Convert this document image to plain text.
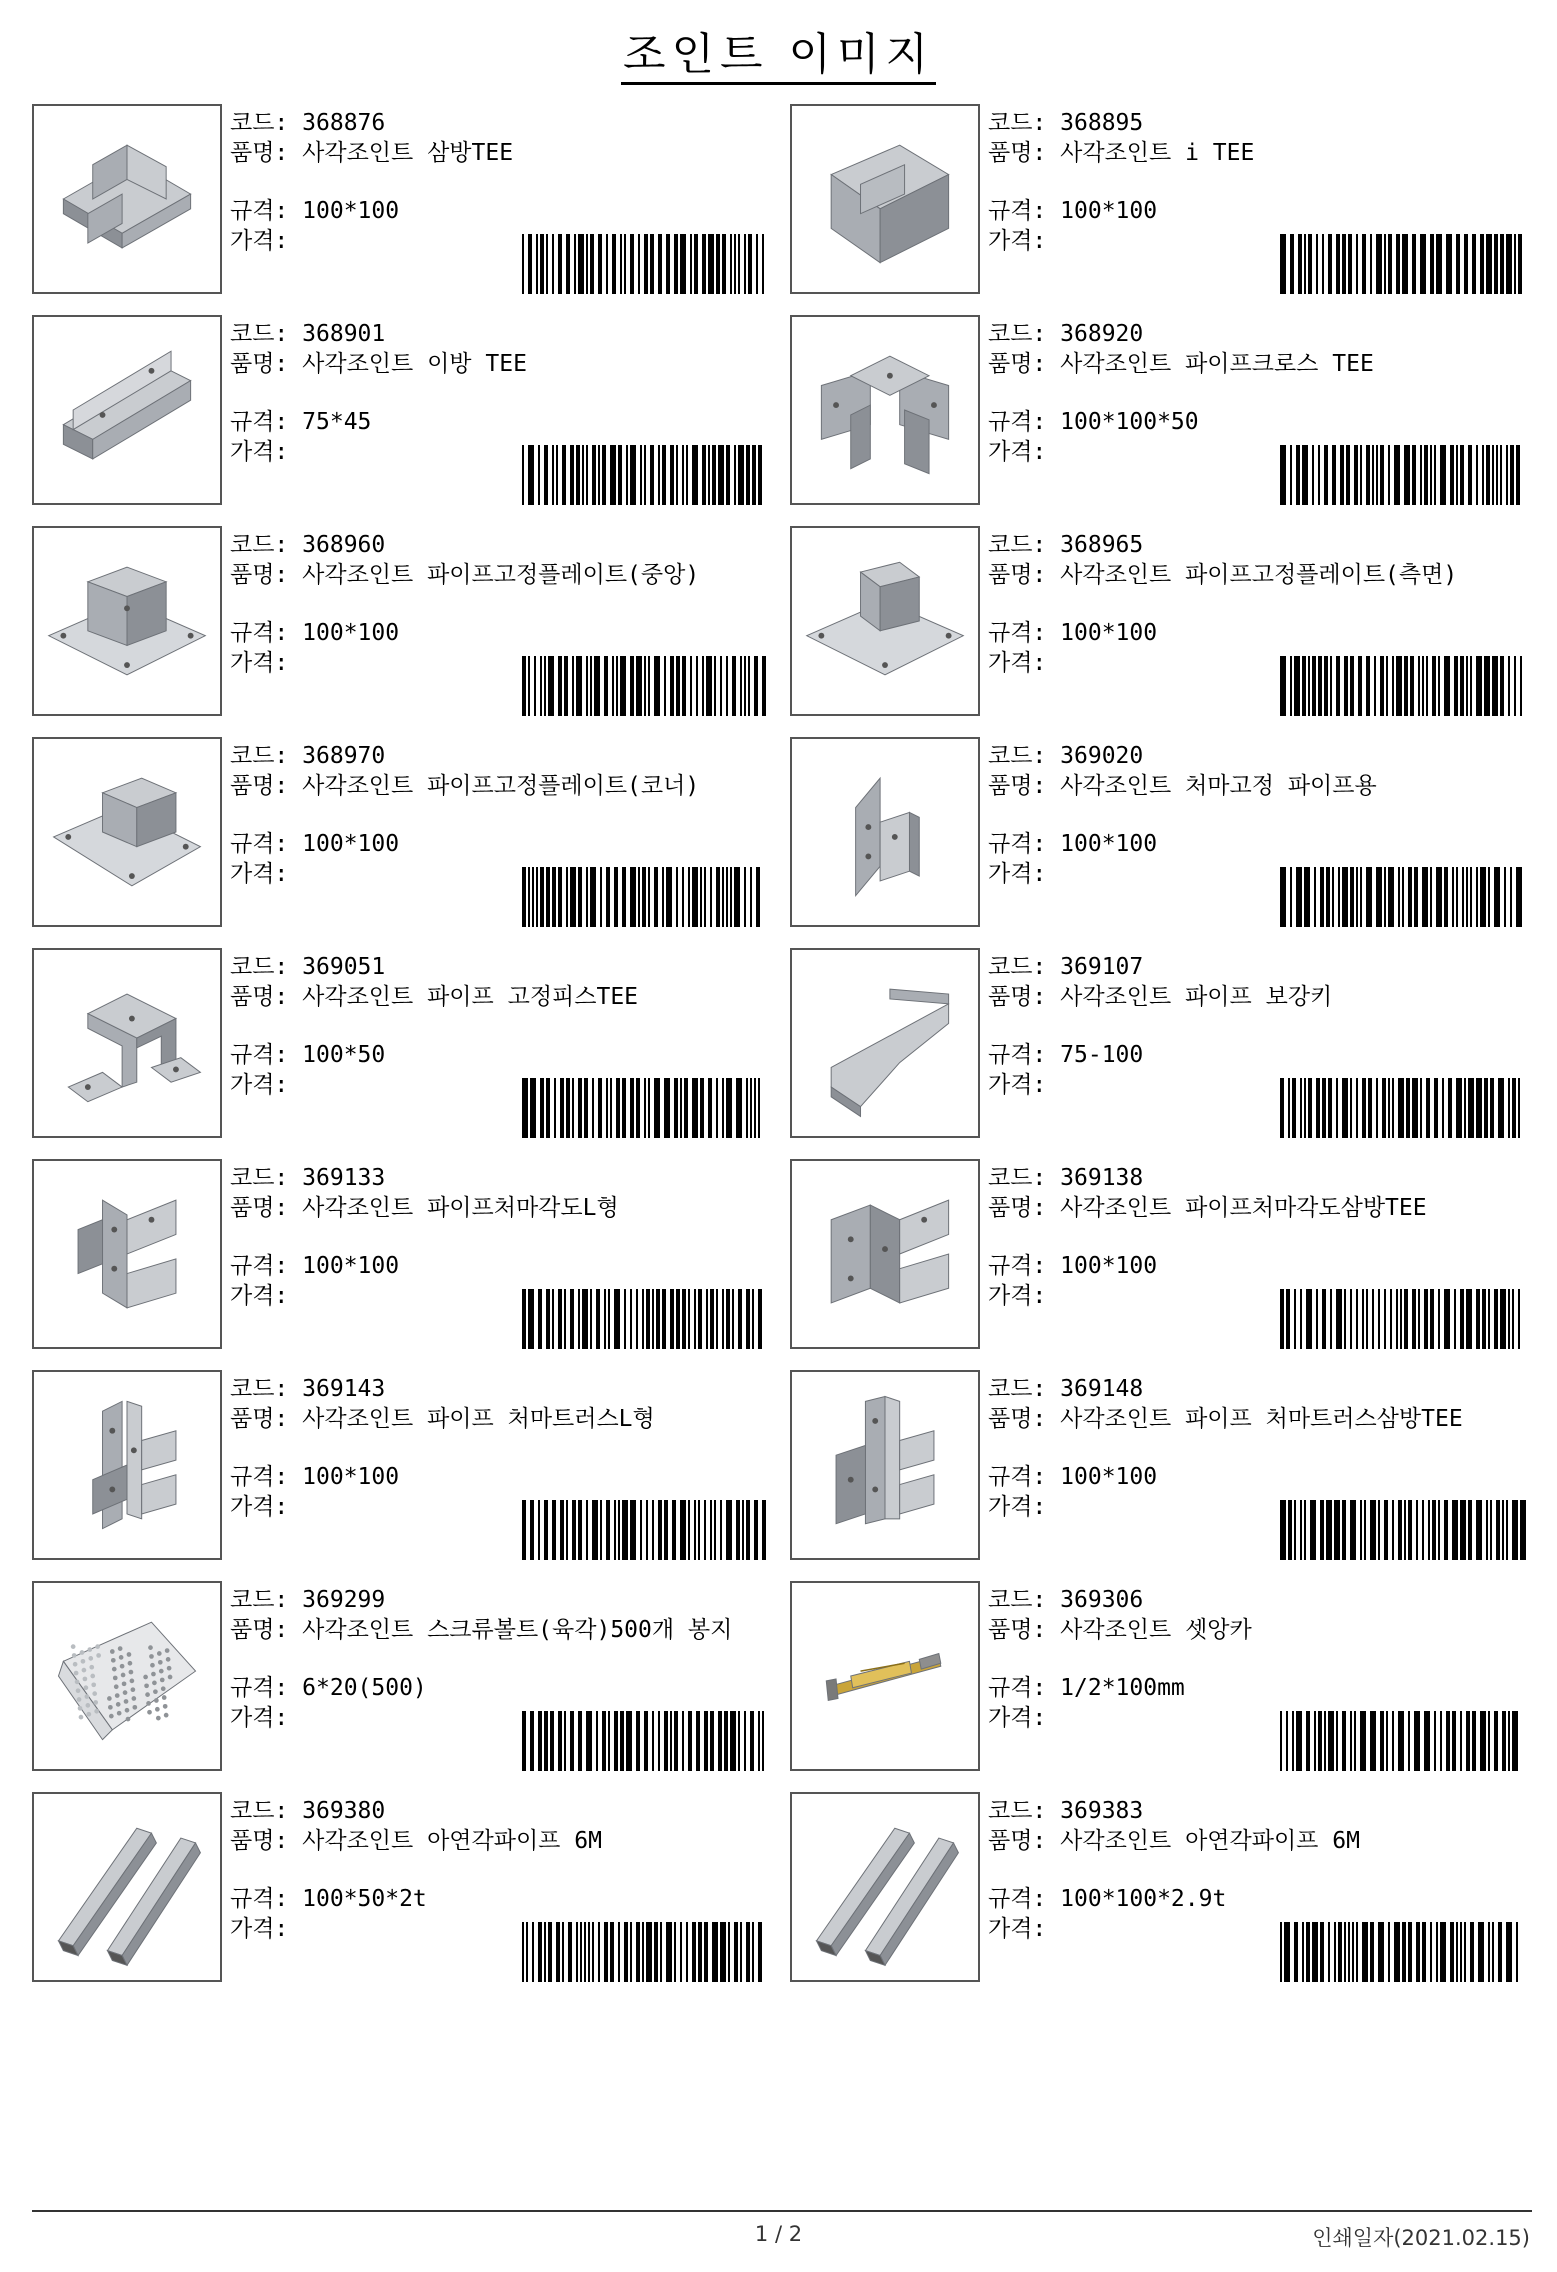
조인트 이미지
코드: 368876
품명: 사각조인트 삼방TEE
규격: 100*100
가격:
코드: 368895
품명: 사각조인트 i TEE
규격: 100*100
가격:
코드: 368901
품명: 사각조인트 이방 TEE
규격: 75*45
가격:
코드: 368920
품명: 사각조인트 파이프크로스 TEE
규격: 100*100*50
가격:
코드: 368960
품명: 사각조인트 파이프고정플레이트(중앙)
규격: 100*100
가격:
코드: 368965
품명: 사각조인트 파이프고정플레이트(측면)
규격: 100*100
가격:
코드: 368970
품명: 사각조인트 파이프고정플레이트(코너)
규격: 100*100
가격:
코드: 369020
품명: 사각조인트 처마고정 파이프용
규격: 100*100
가격:
코드: 369051
품명: 사각조인트 파이프 고정피스TEE
규격: 100*50
가격:
코드: 369107
품명: 사각조인트 파이프 보강키
규격: 75-100
가격:
코드: 369133
품명: 사각조인트 파이프처마각도L형
규격: 100*100
가격:
코드: 369138
품명: 사각조인트 파이프처마각도삼방TEE
규격: 100*100
가격:
코드: 369143
품명: 사각조인트 파이프 처마트러스L형
규격: 100*100
가격:
코드: 369148
품명: 사각조인트 파이프 처마트러스삼방TEE
규격: 100*100
가격:
코드: 369299
품명: 사각조인트 스크류볼트(육각)500개 봉지
규격: 6*20(500)
가격:
코드: 369306
품명: 사각조인트 셋앙카
규격: 1/2*100mm
가격:
코드: 369380
품명: 사각조인트 아연각파이프 6M
규격: 100*50*2t
가격:
코드: 369383
품명: 사각조인트 아연각파이프 6M
규격: 100*100*2.9t
가격:
1 / 2	인쇄일자(2021.02.15)
